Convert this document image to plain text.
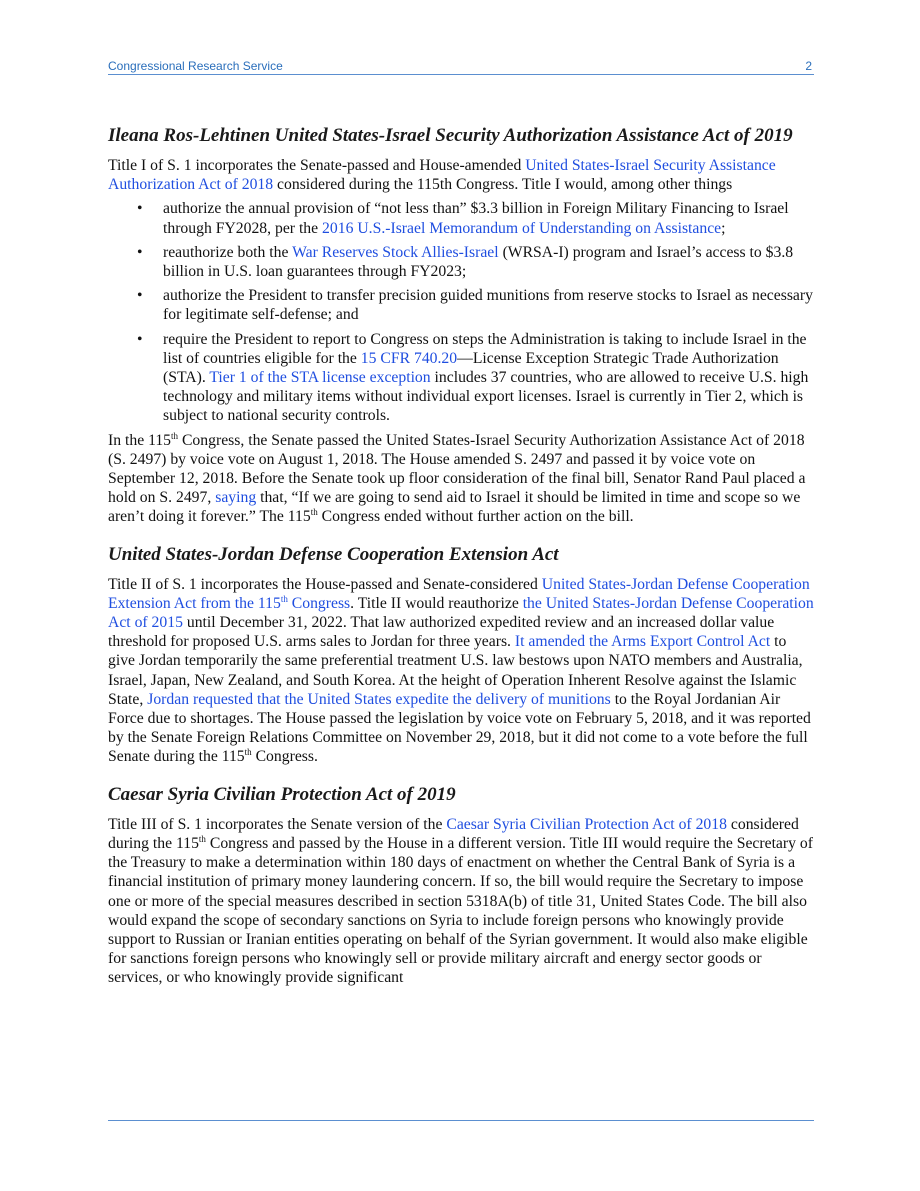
Congressional Research Service	2
Ileana Ros-Lehtinen United States-Israel Security Authorization Assistance Act of 2019

Title I of S. 1 incorporates the Senate-passed and House-amended United States-Israel Security Assistance Authorization Act of 2018 considered during the 115th Congress. Title I would, among other things

• authorize the annual provision of “not less than” $3.3 billion in Foreign Military Financing to Israel through FY2028, per the 2016 U.S.-Israel Memorandum of Understanding on Assistance;
• reauthorize both the War Reserves Stock Allies-Israel (WRSA-I) program and Israel’s access to $3.8 billion in U.S. loan guarantees through FY2023;
• authorize the President to transfer precision guided munitions from reserve stocks to Israel as necessary for legitimate self-defense; and
• require the President to report to Congress on steps the Administration is taking to include Israel in the list of countries eligible for the 15 CFR 740.20—License Exception Strategic Trade Authorization (STA). Tier 1 of the STA license exception includes 37 countries, who are allowed to receive U.S. high technology and military items without individual export licenses. Israel is currently in Tier 2, which is subject to national security controls.

In the 115th Congress, the Senate passed the United States-Israel Security Authorization Assistance Act of 2018 (S. 2497) by voice vote on August 1, 2018. The House amended S. 2497 and passed it by voice vote on September 12, 2018. Before the Senate took up floor consideration of the final bill, Senator Rand Paul placed a hold on S. 2497, saying that, “If we are going to send aid to Israel it should be limited in time and scope so we aren’t doing it forever.” The 115th Congress ended without further action on the bill.

United States-Jordan Defense Cooperation Extension Act

Title II of S. 1 incorporates the House-passed and Senate-considered United States-Jordan Defense Cooperation Extension Act from the 115th Congress. Title II would reauthorize the United States-Jordan Defense Cooperation Act of 2015 until December 31, 2022. That law authorized expedited review and an increased dollar value threshold for proposed U.S. arms sales to Jordan for three years. It amended the Arms Export Control Act to give Jordan temporarily the same preferential treatment U.S. law bestows upon NATO members and Australia, Israel, Japan, New Zealand, and South Korea. At the height of Operation Inherent Resolve against the Islamic State, Jordan requested that the United States expedite the delivery of munitions to the Royal Jordanian Air Force due to shortages. The House passed the legislation by voice vote on February 5, 2018, and it was reported by the Senate Foreign Relations Committee on November 29, 2018, but it did not come to a vote before the full Senate during the 115th Congress.

Caesar Syria Civilian Protection Act of 2019

Title III of S. 1 incorporates the Senate version of the Caesar Syria Civilian Protection Act of 2018 considered during the 115th Congress and passed by the House in a different version. Title III would require the Secretary of the Treasury to make a determination within 180 days of enactment on whether the Central Bank of Syria is a financial institution of primary money laundering concern. If so, the bill would require the Secretary to impose one or more of the special measures described in section 5318A(b) of title 31, United States Code. The bill also would expand the scope of secondary sanctions on Syria to include foreign persons who knowingly provide support to Russian or Iranian entities operating on behalf of the Syrian government. It would also make eligible for sanctions foreign persons who knowingly sell or provide military aircraft and energy sector goods or services, or who knowingly provide significant
